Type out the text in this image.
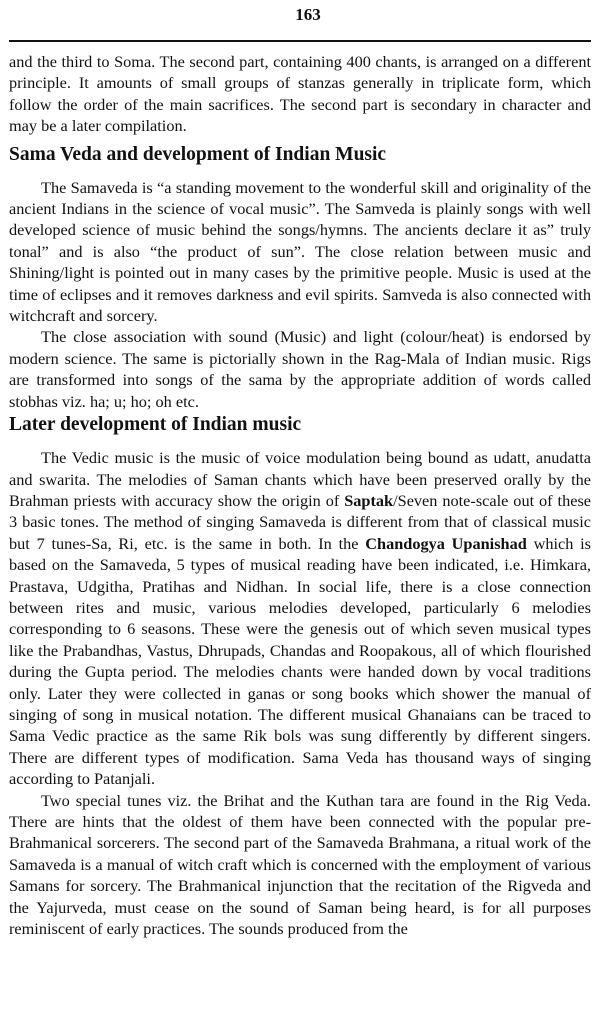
163

and the third to Soma. The second part, containing 400 chants, is arranged on a different principle. It amounts of small groups of stanzas generally in triplicate form, which follow the order of the main sacrifices. The second part is secondary in character and may be a later compilation.

Sama Veda and development of Indian Music

The Samaveda is “a standing movement to the wonderful skill and originality of the ancient Indians in the science of vocal music”. The Samveda is plainly songs with well developed science of music behind the songs/hymns. The ancients declare it as” truly tonal” and is also “the product of sun”. The close relation between music and Shining/light is pointed out in many cases by the primitive people. Music is used at the time of eclipses and it removes darkness and evil spirits. Samveda is also connected with witchcraft and sorcery.

The close association with sound (Music) and light (colour/heat) is endorsed by modern science. The same is pictorially shown in the Rag-Mala of Indian music. Rigs are transformed into songs of the sama by the appropriate addition of words called stobhas viz. ha; u; ho; oh etc.

Later development of Indian music

The Vedic music is the music of voice modulation being bound as udatt, anudatta and swarita. The melodies of Saman chants which have been preserved orally by the Brahman priests with accuracy show the origin of Saptak/Seven note-scale out of these 3 basic tones. The method of singing Samaveda is different from that of classical music but 7 tunes-Sa, Ri, etc. is the same in both. In the Chandogya Upanishad which is based on the Samaveda, 5 types of musical reading have been indicated, i.e. Himkara, Prastava, Udgitha, Pratihas and Nidhan. In social life, there is a close connection between rites and music, various melodies developed, particularly 6 melodies corresponding to 6 seasons. These were the genesis out of which seven musical types like the Prabandhas, Vastus, Dhrupads, Chandas and Roopakous, all of which flourished during the Gupta period. The melodies chants were handed down by vocal traditions only. Later they were collected in ganas or song books which shower the manual of singing of song in musical notation. The different musical Ghanaians can be traced to Sama Vedic practice as the same Rik bols was sung differently by different singers. There are different types of modification. Sama Veda has thousand ways of singing according to Patanjali.

Two special tunes viz. the Brihat and the Kuthan tara are found in the Rig Veda. There are hints that the oldest of them have been connected with the popular pre-Brahmanical sorcerers. The second part of the Samaveda Brahmana, a ritual work of the Samaveda is a manual of witch craft which is concerned with the employment of various Samans for sorcery. The Brahmanical injunction that the recitation of the Rigveda and the Yajurveda, must cease on the sound of Saman being heard, is for all purposes reminiscent of early practices. The sounds produced from the
